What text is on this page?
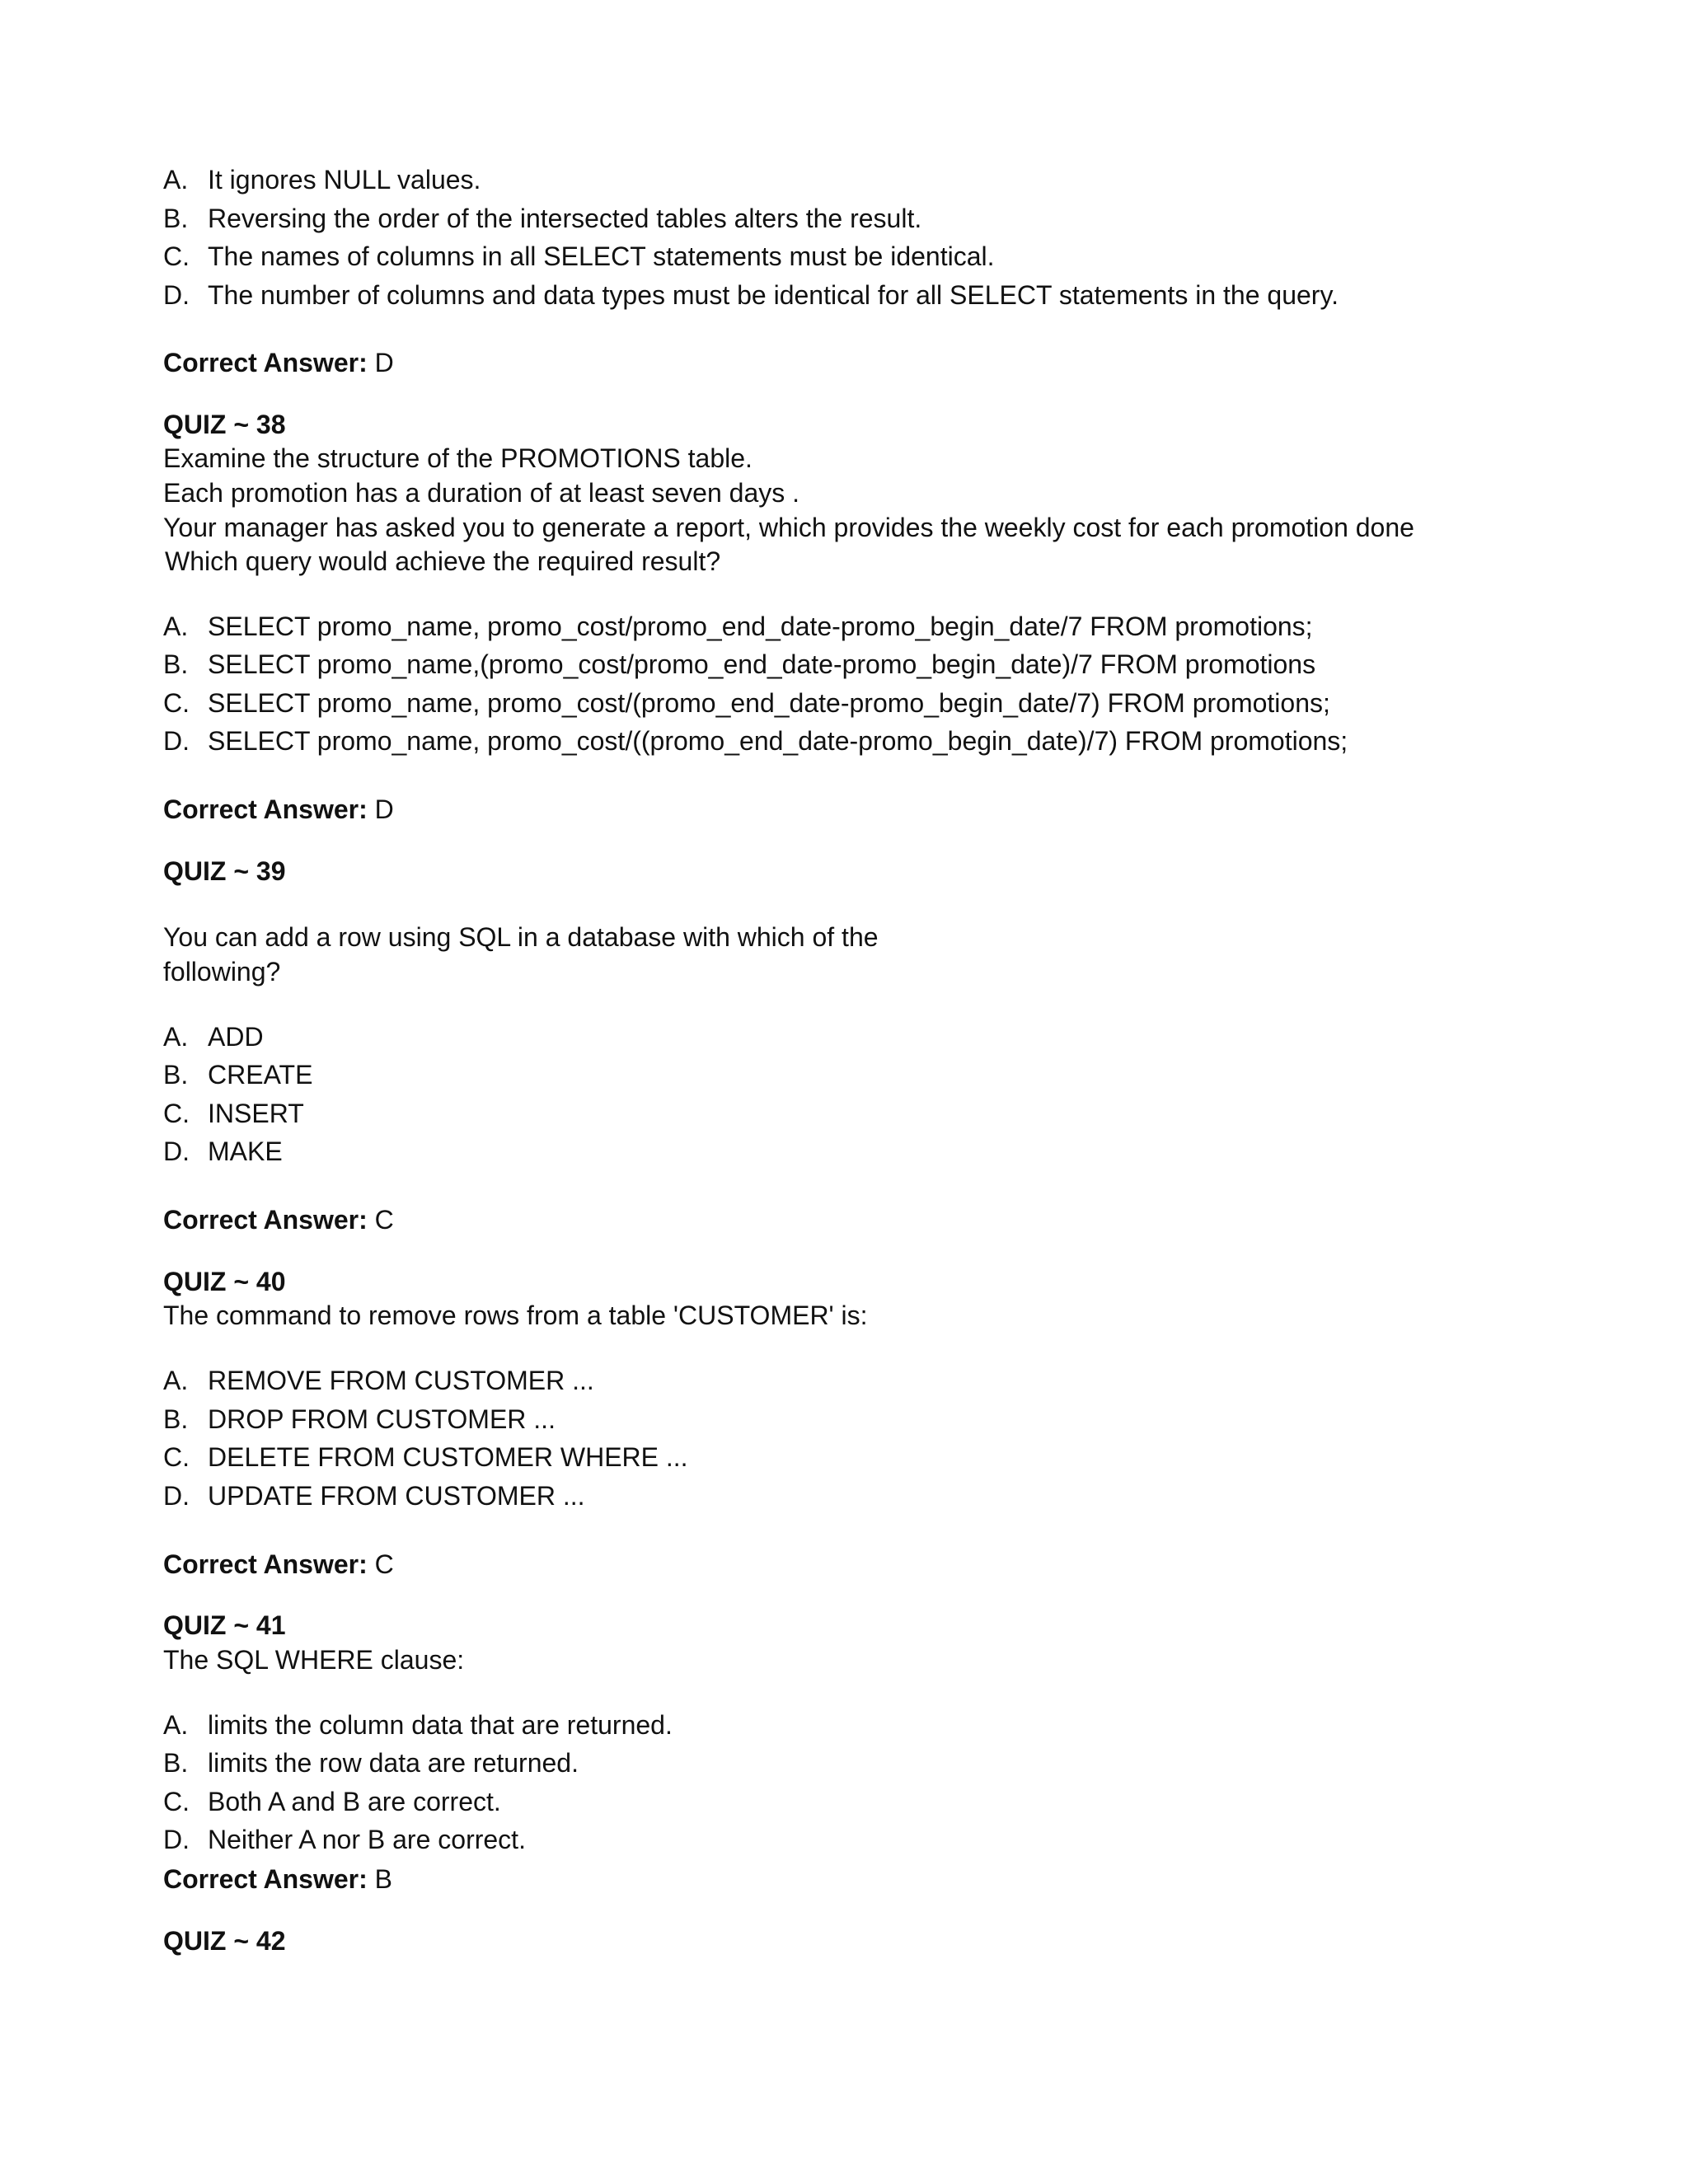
A. It ignores NULL values.

B. Reversing the order of the intersected tables alters the result.

C. The names of columns in all SELECT statements must be identical.

D. The number of columns and data types must be identical for all SELECT statements in the query.

Correct Answer: D

QUIZ ~ 38

Examine the structure of the PROMOTIONS table.

Each promotion has a duration of at least seven days .

Your manager has asked you to generate a report, which provides the weekly cost for each promotion done

Which query would achieve the required result?

A. SELECT promo_name, promo_cost/promo_end_date-promo_begin_date/7 FROM promotions;

B. SELECT promo_name,(promo_cost/promo_end_date-promo_begin_date)/7 FROM promotions

C. SELECT promo_name, promo_cost/(promo_end_date-promo_begin_date/7) FROM promotions;

D. SELECT promo_name, promo_cost/((promo_end_date-promo_begin_date)/7) FROM promotions;

Correct Answer: D

QUIZ ~ 39

You can add a row using SQL in a database with which of the

following?

A. ADD

B. CREATE

C. INSERT

D. MAKE

Correct Answer: C

QUIZ ~ 40

The command to remove rows from a table 'CUSTOMER' is:

A. REMOVE FROM CUSTOMER ...

B. DROP FROM CUSTOMER ...

C. DELETE FROM CUSTOMER WHERE ...

D. UPDATE FROM CUSTOMER ...

Correct Answer: C

QUIZ ~ 41

The SQL WHERE clause:

A. limits the column data that are returned.

B. limits the row data are returned.

C. Both A and B are correct.

D. Neither A nor B are correct.

Correct Answer: B

QUIZ ~ 42
